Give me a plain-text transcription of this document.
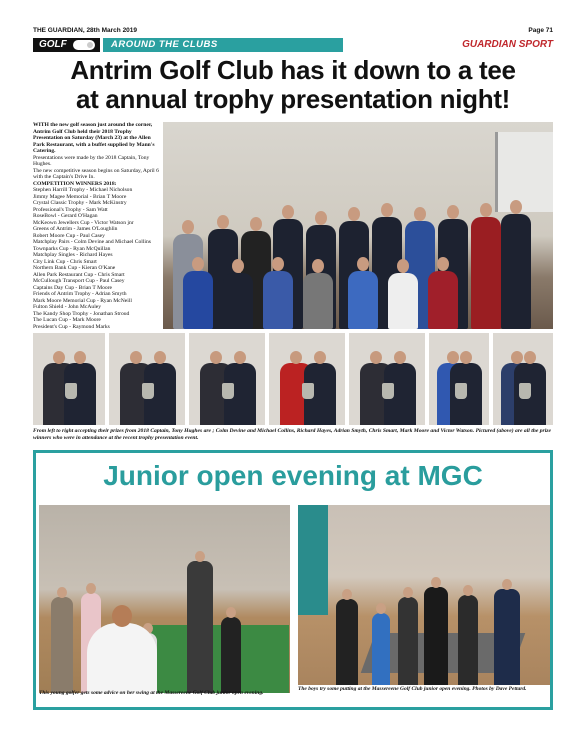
THE GUARDIAN, 28th March 2019	Page 71
GOLF	AROUND THE CLUBS	GUARDIAN SPORT
Antrim Golf Club has it down to a tee
at annual trophy presentation night!

WITH the new golf season just around the corner, Antrim Golf Club held their 2018 Trophy Presentation on Saturday (March 23) at the Allen Park Restaurant, with a buffet supplied by Mann's Catering.

Presentations were made by the 2018 Captain, Tony Hughes.

The new competitive season begins on Saturday, April 6 with the Captain's Drive In.

COMPETITION WINNERS 2018:

Stephen Harrill Trophy - Michael Nicholson
Jimmy Magee Memorial - Brian T Moore
Crystal Classic Trophy - Mark McKinstry
Professional's Trophy - Sam Watt
RoseBowl - Gerard O'Hagan
McKeown Jewellers Cup - Victor Watson jnr
Greens of Antrim - James O'Loughlin
Robert Moore Cup - Paul Casey
Matchplay Pairs - Colm Devine and Michael Collins
Townparks Cup - Ryan McQuillan
Matchplay Singles - Richard Hayes
City Link Cup - Chris Smart
Northern Bank Cup - Kieran O'Kane
Allen Park Restaurant Cup - Chris Smart
McCullough Transport Cup - Paul Casey
Captains Day Cup - Brian T Moore
Friends of Antrim Trophy - Adrian Smyth
Mark Moore Memorial Cup - Ryan McNeill
Fulton Shield - John McAuley
The Kandy Shop Trophy - Jonathan Stroud
The Lucan Cup - Mark Moore
President's Cup - Raymond Marks
From left to right accepting their prizes from 2018 Captain, Tony Hughes are ; Colm Devine and Michael Collins, Richard Hayes, Adrian Smyth, Chris Smart, Mark Moore and Victor Watson. Pictured (above) are all the prize winners who were in attendance at the recent trophy presentation event.
Junior open evening at MGC
This young golfer gets some advice on her swing at the Massereene Golf Club junior open evening.
The boys try some putting at the Massereene Golf Club junior open evening. Photos by Dave Pettard.
